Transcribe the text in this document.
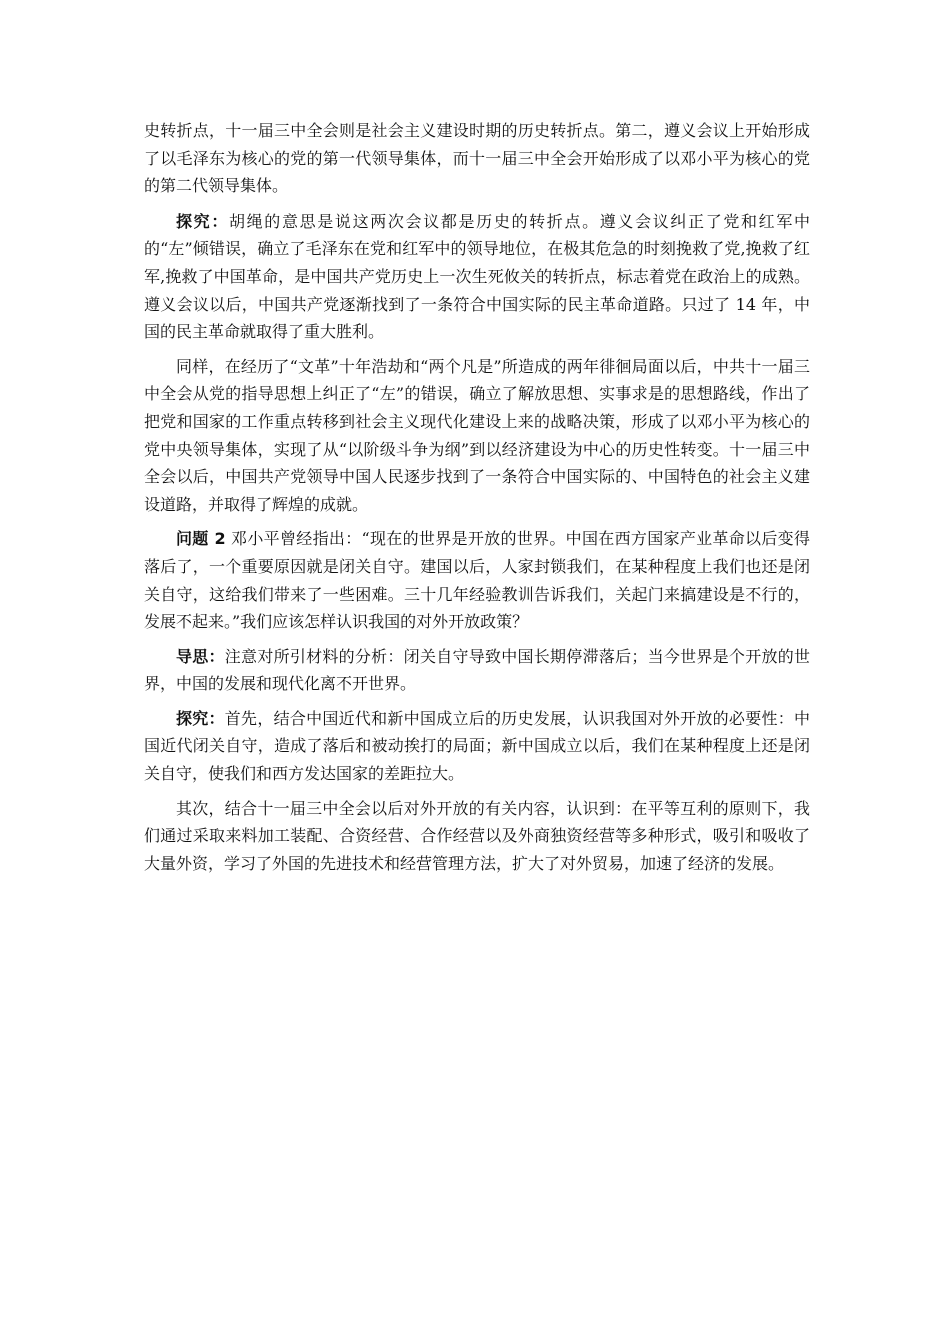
史转折点，十一届三中全会则是社会主义建设时期的历史转折点。第二，遵义会议上开始形成了以毛泽东为核心的党的第一代领导集体，而十一届三中全会开始形成了以邓小平为核心的党的第二代领导集体。

探究：胡绳的意思是说这两次会议都是历史的转折点。遵义会议纠正了党和红军中的“左”倾错误，确立了毛泽东在党和红军中的领导地位，在极其危急的时刻挽救了党,挽救了红军,挽救了中国革命，是中国共产党历史上一次生死攸关的转折点，标志着党在政治上的成熟。遵义会议以后，中国共产党逐渐找到了一条符合中国实际的民主革命道路。只过了 14 年，中国的民主革命就取得了重大胜利。

同样，在经历了“文革”十年浩劫和“两个凡是”所造成的两年徘徊局面以后，中共十一届三中全会从党的指导思想上纠正了“左”的错误，确立了解放思想、实事求是的思想路线，作出了把党和国家的工作重点转移到社会主义现代化建设上来的战略决策，形成了以邓小平为核心的党中央领导集体，实现了从“以阶级斗争为纲”到以经济建设为中心的历史性转变。十一届三中全会以后，中国共产党领导中国人民逐步找到了一条符合中国实际的、中国特色的社会主义建设道路，并取得了辉煌的成就。

问题 2 邓小平曾经指出：“现在的世界是开放的世界。中国在西方国家产业革命以后变得落后了，一个重要原因就是闭关自守。建国以后，人家封锁我们，在某种程度上我们也还是闭关自守，这给我们带来了一些困难。三十几年经验教训告诉我们，关起门来搞建设是不行的，发展不起来。”我们应该怎样认识我国的对外开放政策？

导思：注意对所引材料的分析：闭关自守导致中国长期停滞落后；当今世界是个开放的世界，中国的发展和现代化离不开世界。

探究：首先，结合中国近代和新中国成立后的历史发展，认识我国对外开放的必要性：中国近代闭关自守，造成了落后和被动挨打的局面；新中国成立以后，我们在某种程度上还是闭关自守，使我们和西方发达国家的差距拉大。

其次，结合十一届三中全会以后对外开放的有关内容，认识到：在平等互利的原则下，我们通过采取来料加工装配、合资经营、合作经营以及外商独资经营等多种形式，吸引和吸收了大量外资，学习了外国的先进技术和经营管理方法，扩大了对外贸易，加速了经济的发展。
